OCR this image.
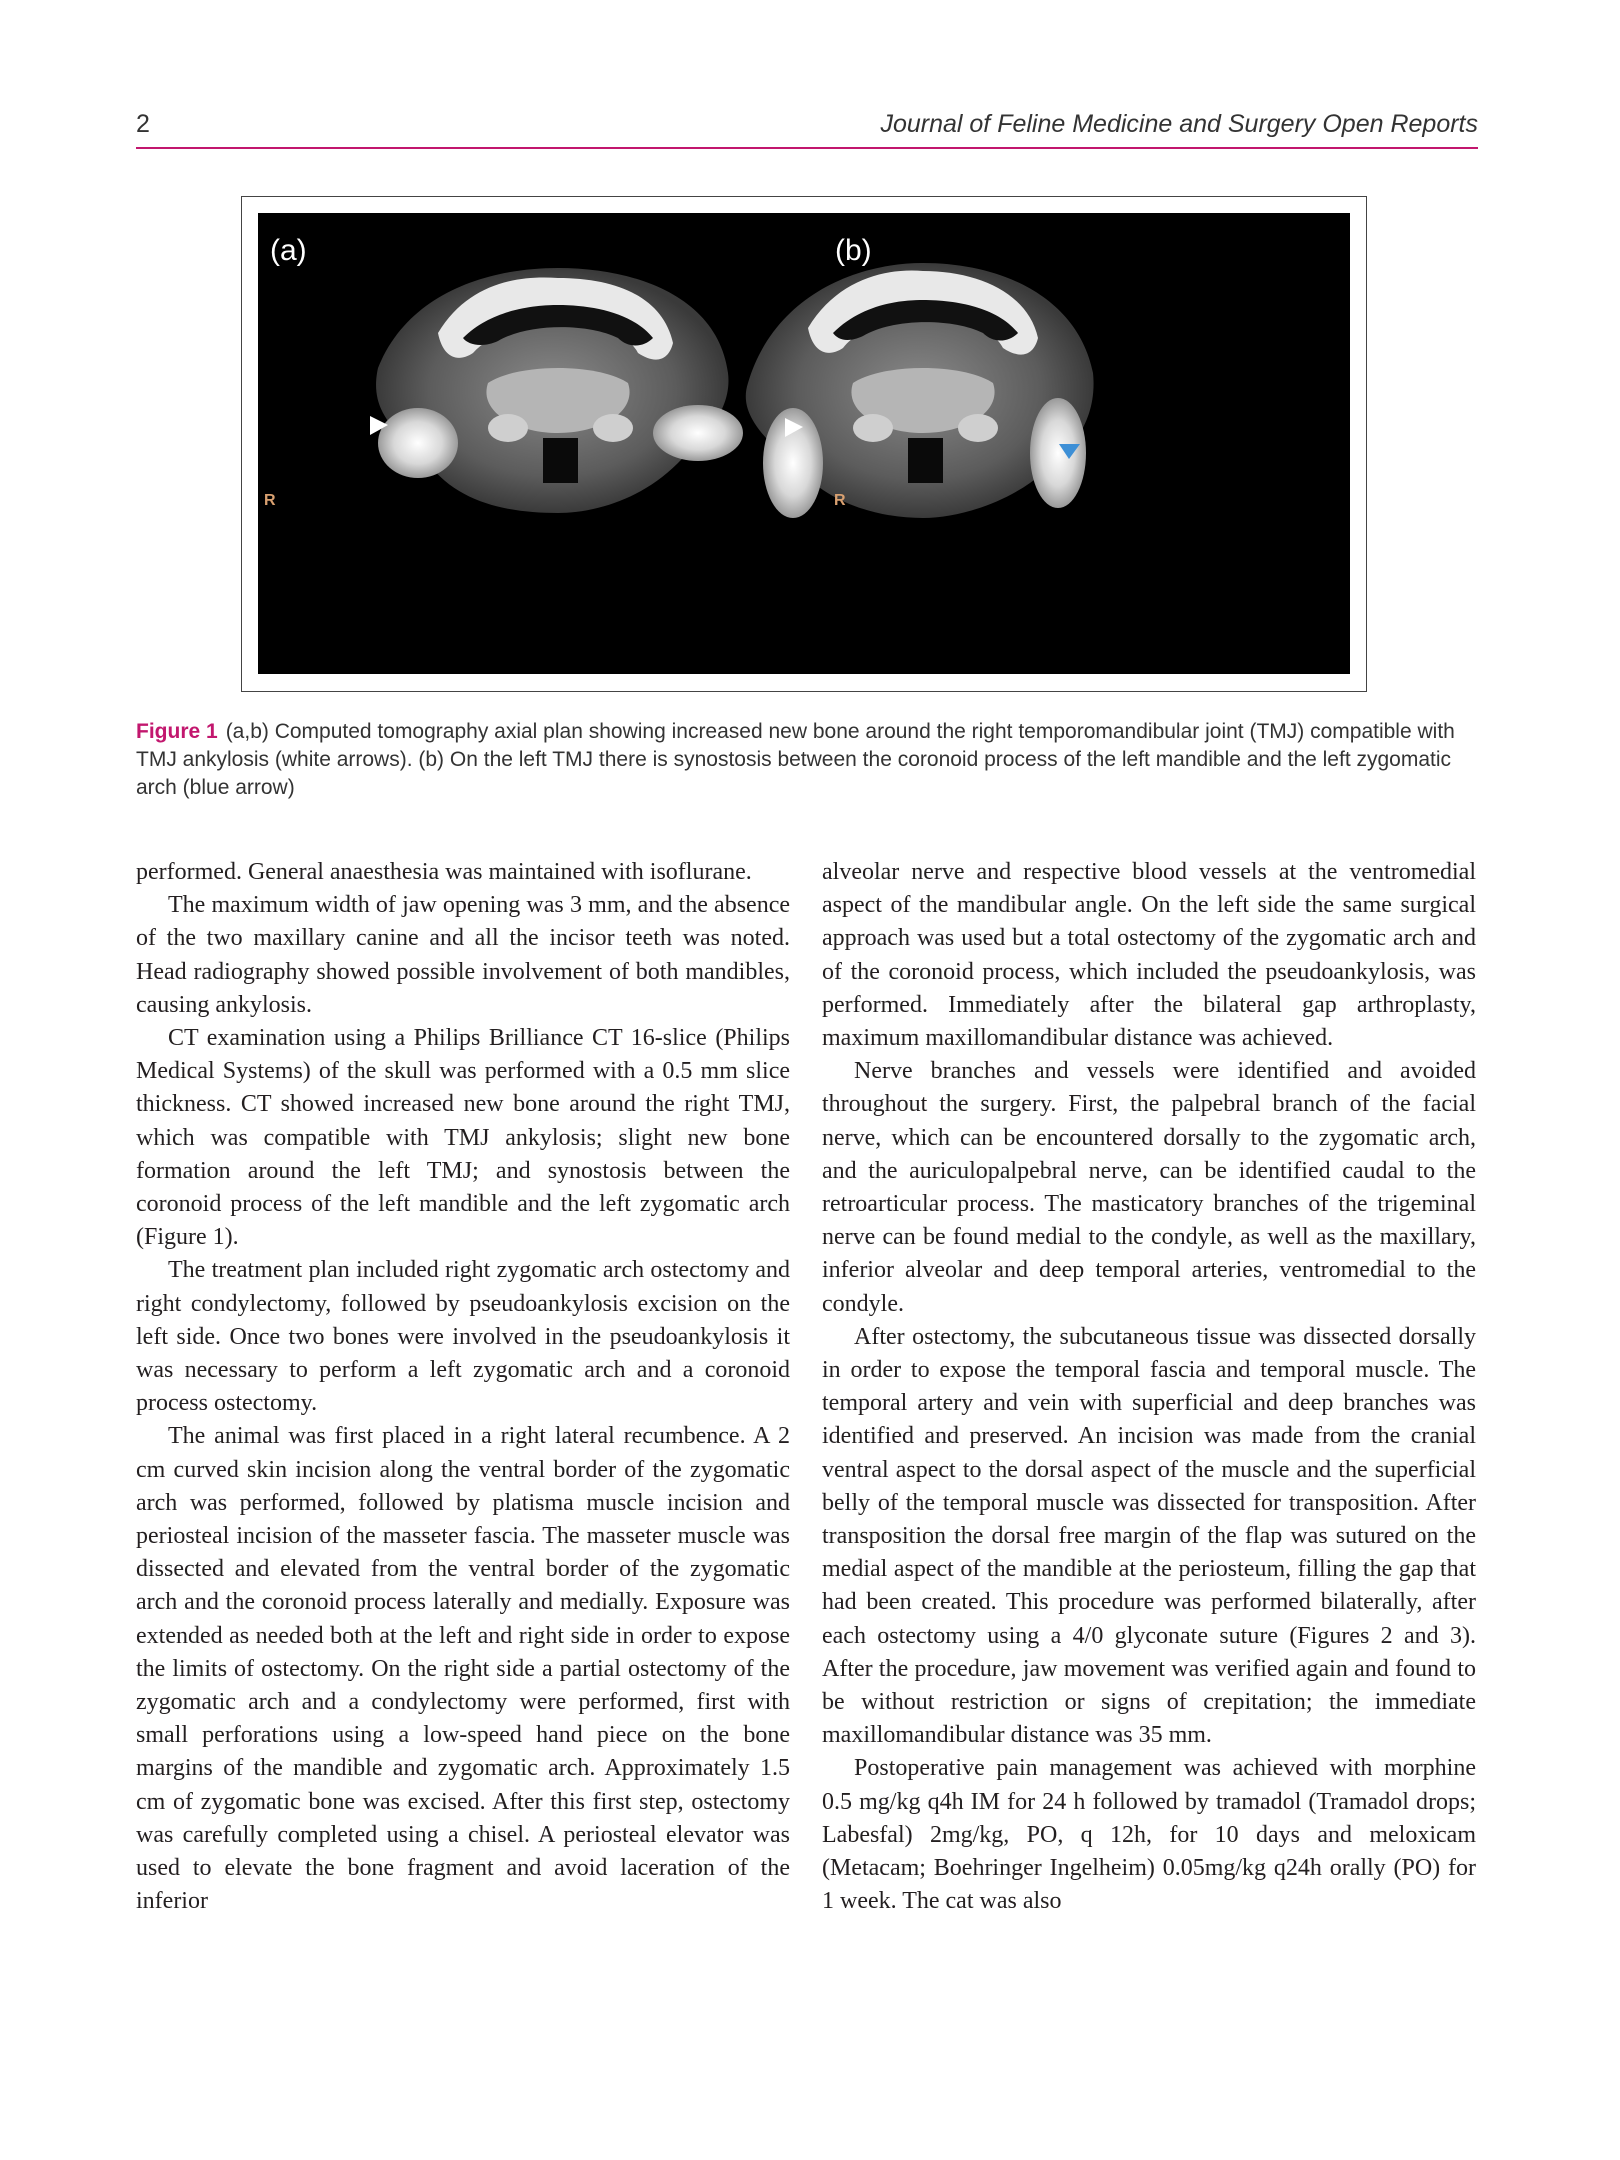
2	Journal of Feline Medicine and Surgery Open Reports
(a)	(b)
R	R
Figure 1 (a,b) Computed tomography axial plan showing increased new bone around the right temporomandibular joint (TMJ) compatible with TMJ ankylosis (white arrows). (b) On the left TMJ there is synostosis between the coronoid process of the left mandible and the left zygomatic arch (blue arrow)

performed. General anaesthesia was maintained with isoflurane.

The maximum width of jaw opening was 3 mm, and the absence of the two maxillary canine and all the incisor teeth was noted. Head radiography showed possible involvement of both mandibles, causing ankylosis.

CT examination using a Philips Brilliance CT 16-slice (Philips Medical Systems) of the skull was performed with a 0.5 mm slice thickness. CT showed increased new bone around the right TMJ, which was compatible with TMJ ankylosis; slight new bone formation around the left TMJ; and synostosis between the coronoid process of the left mandible and the left zygomatic arch (Figure 1).

The treatment plan included right zygomatic arch ostectomy and right condylectomy, followed by pseudoankylosis excision on the left side. Once two bones were involved in the pseudoankylosis it was necessary to perform a left zygomatic arch and a coronoid process ostectomy.

The animal was first placed in a right lateral recumbence. A 2 cm curved skin incision along the ventral border of the zygomatic arch was performed, followed by platisma muscle incision and periosteal incision of the masseter fascia. The masseter muscle was dissected and elevated from the ventral border of the zygomatic arch and the coronoid process laterally and medially. Exposure was extended as needed both at the left and right side in order to expose the limits of ostectomy. On the right side a partial ostectomy of the zygomatic arch and a condylectomy were performed, first with small perforations using a low-speed hand piece on the bone margins of the mandible and zygomatic arch. Approximately 1.5 cm of zygomatic bone was excised. After this first step, ostectomy was carefully completed using a chisel. A periosteal elevator was used to elevate the bone fragment and avoid laceration of the inferior

alveolar nerve and respective blood vessels at the ventromedial aspect of the mandibular angle. On the left side the same surgical approach was used but a total ostectomy of the zygomatic arch and of the coronoid process, which included the pseudoankylosis, was performed. Immediately after the bilateral gap arthroplasty, maximum maxillomandibular distance was achieved.

Nerve branches and vessels were identified and avoided throughout the surgery. First, the palpebral branch of the facial nerve, which can be encountered dorsally to the zygomatic arch, and the auriculopalpebral nerve, can be identified caudal to the retroarticular process. The masticatory branches of the trigeminal nerve can be found medial to the condyle, as well as the maxillary, inferior alveolar and deep temporal arteries, ventromedial to the condyle.

After ostectomy, the subcutaneous tissue was dissected dorsally in order to expose the temporal fascia and temporal muscle. The temporal artery and vein with superficial and deep branches was identified and preserved. An incision was made from the cranial ventral aspect to the dorsal aspect of the muscle and the superficial belly of the temporal muscle was dissected for transposition. After transposition the dorsal free margin of the flap was sutured on the medial aspect of the mandible at the periosteum, filling the gap that had been created. This procedure was performed bilaterally, after each ostectomy using a 4/0 glyconate suture (Figures 2 and 3). After the procedure, jaw movement was verified again and found to be without restriction or signs of crepitation; the immediate maxillomandibular distance was 35 mm.

Postoperative pain management was achieved with morphine 0.5 mg/kg q4h IM for 24 h followed by tramadol (Tramadol drops; Labesfal) 2mg/kg, PO, q 12h, for 10 days and meloxicam (Metacam; Boehringer Ingelheim) 0.05mg/kg q24h orally (PO) for 1 week. The cat was also
